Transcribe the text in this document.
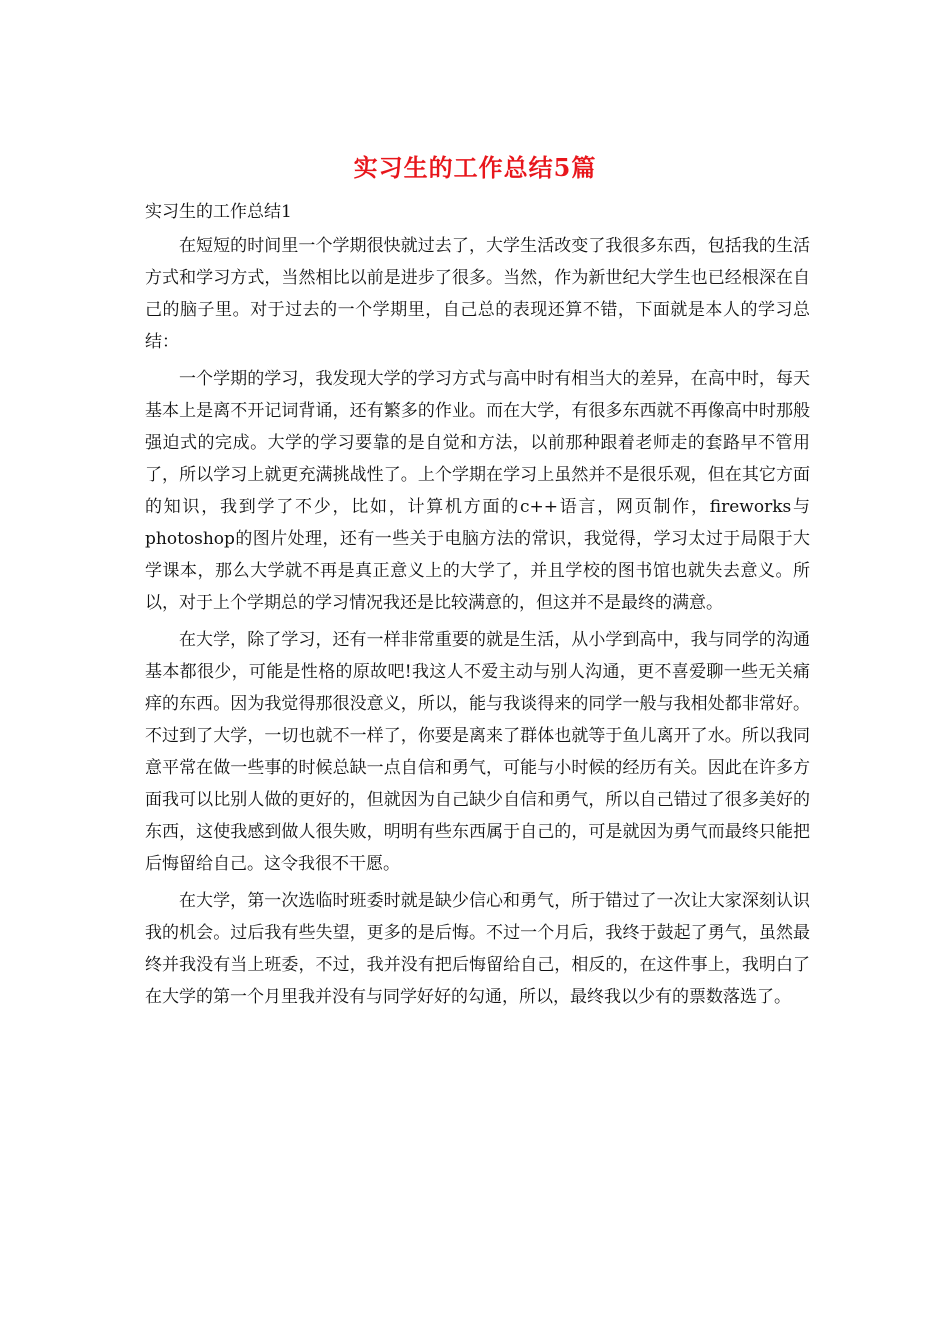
实习生的工作总结5篇
实习生的工作总结1

在短短的时间里一个学期很快就过去了，大学生活改变了我很多东西，包括我的生活方式和学习方式，当然相比以前是进步了很多。当然，作为新世纪大学生也已经根深在自己的脑子里。对于过去的一个学期里，自己总的表现还算不错，下面就是本人的学习总结：

一个学期的学习，我发现大学的学习方式与高中时有相当大的差异，在高中时，每天基本上是离不开记词背诵，还有繁多的作业。而在大学，有很多东西就不再像高中时那般强迫式的完成。大学的学习要靠的是自觉和方法，以前那种跟着老师走的套路早不管用了，所以学习上就更充满挑战性了。上个学期在学习上虽然并不是很乐观，但在其它方面的知识，我到学了不少，比如，计算机方面的c++语言，网页制作，fireworks与photoshop的图片处理，还有一些关于电脑方法的常识，我觉得，学习太过于局限于大学课本，那么大学就不再是真正意义上的大学了，并且学校的图书馆也就失去意义。所以，对于上个学期总的学习情况我还是比较满意的，但这并不是最终的满意。

在大学，除了学习，还有一样非常重要的就是生活，从小学到高中，我与同学的沟通基本都很少，可能是性格的原故吧!我这人不爱主动与别人沟通，更不喜爱聊一些无关痛痒的东西。因为我觉得那很没意义，所以，能与我谈得来的同学一般与我相处都非常好。不过到了大学，一切也就不一样了，你要是离来了群体也就等于鱼儿离开了水。所以我同意平常在做一些事的时候总缺一点自信和勇气，可能与小时候的经历有关。因此在许多方面我可以比别人做的更好的，但就因为自己缺少自信和勇气，所以自己错过了很多美好的东西，这使我感到做人很失败，明明有些东西属于自己的，可是就因为勇气而最终只能把后悔留给自己。这令我很不干愿。

在大学，第一次选临时班委时就是缺少信心和勇气，所于错过了一次让大家深刻认识我的机会。过后我有些失望，更多的是后悔。不过一个月后，我终于鼓起了勇气，虽然最终并我没有当上班委，不过，我并没有把后悔留给自己，相反的，在这件事上，我明白了在大学的第一个月里我并没有与同学好好的勾通，所以，最终我以少有的票数落选了。
